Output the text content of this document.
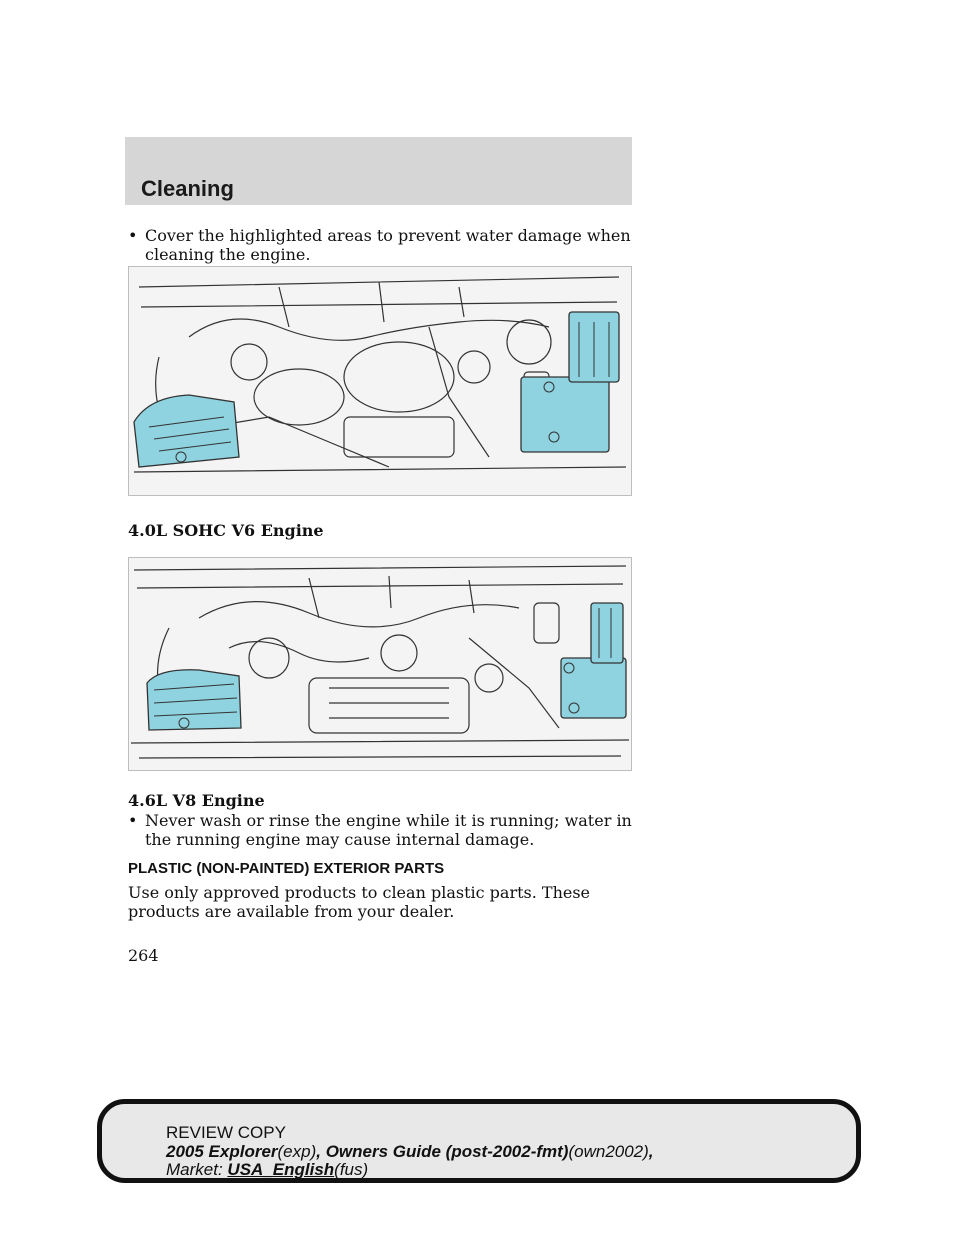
Cleaning
• Cover the highlighted areas to prevent water damage when cleaning the engine.
4.0L SOHC V6 Engine
4.6L V8 Engine
• Never wash or rinse the engine while it is running; water in the running engine may cause internal damage.
PLASTIC (NON-PAINTED) EXTERIOR PARTS
Use only approved products to clean plastic parts. These products are available from your dealer.
264
REVIEW COPY
2005 Explorer(exp), Owners Guide (post-2002-fmt)(own2002),
Market: USA_English(fus)
